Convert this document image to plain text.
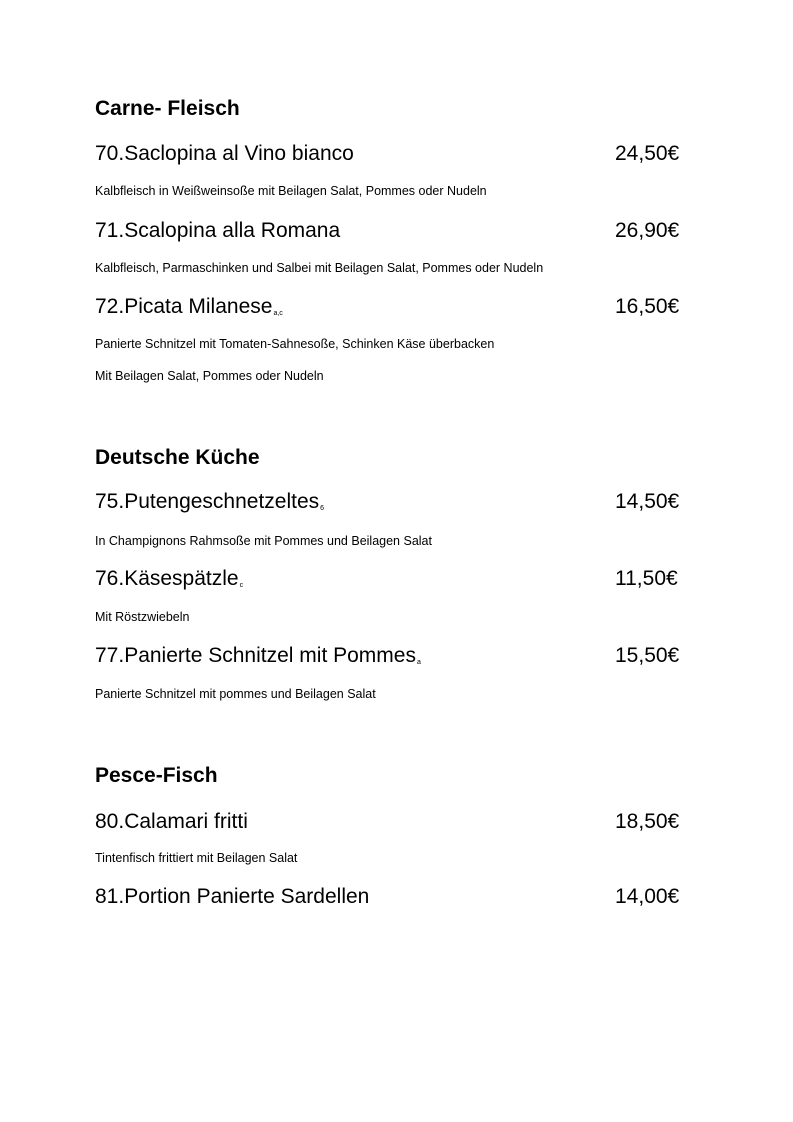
Carne- Fleisch
70.Saclopina al Vino bianco	24,50€
Kalbfleisch in Weißweinsoße mit Beilagen Salat, Pommes oder Nudeln
71.Scalopina alla Romana	26,90€
Kalbfleisch, Parmaschinken und Salbei mit Beilagen Salat, Pommes oder Nudeln
72.Picata Milanesea,c	16,50€
Panierte Schnitzel mit Tomaten-Sahnesoße, Schinken Käse überbacken
Mit Beilagen Salat, Pommes oder Nudeln
Deutsche Küche
75.Putengeschnetzeltes6	14,50€
In Champignons Rahmsoße mit Pommes und Beilagen Salat
76.Käsespätzlec	11,50€
Mit Röstzwiebeln
77.Panierte Schnitzel mit Pommesa	15,50€
Panierte Schnitzel mit pommes und Beilagen Salat
Pesce-Fisch
80.Calamari fritti	18,50€
Tintenfisch frittiert mit Beilagen Salat
81.Portion Panierte Sardellen	14,00€
